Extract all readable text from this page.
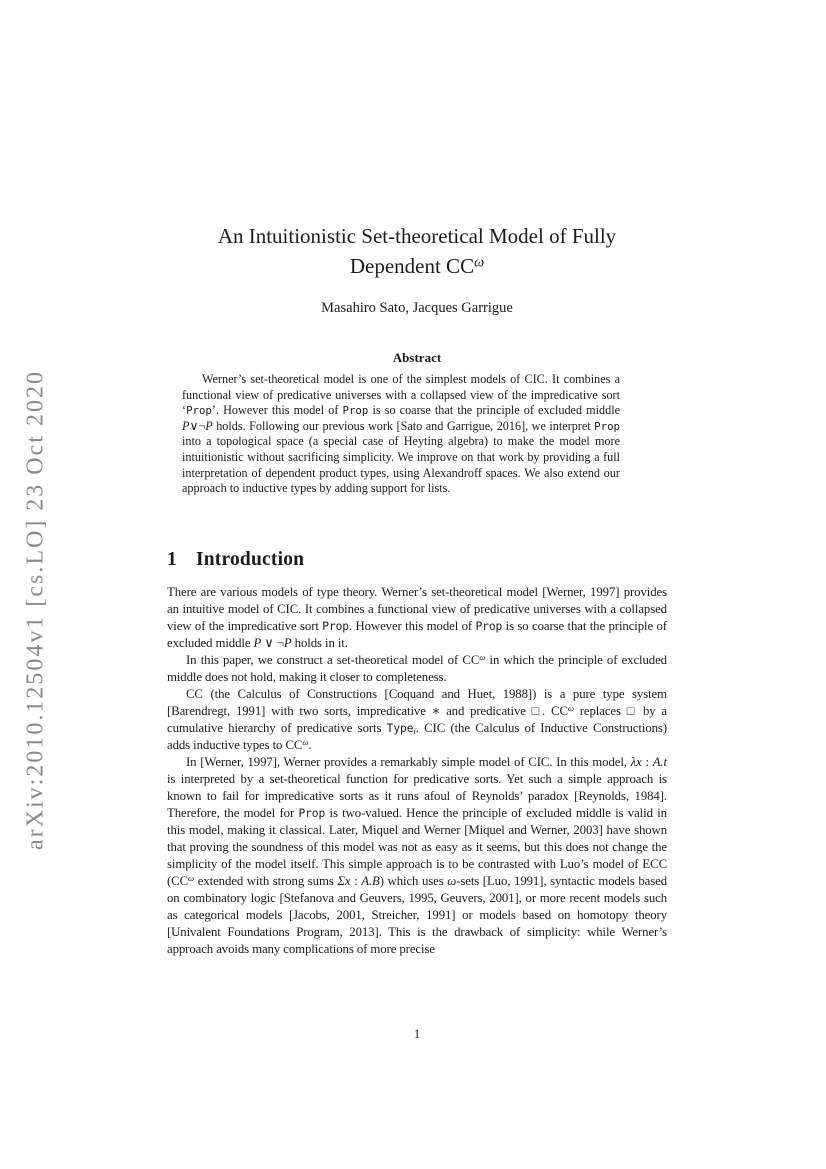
arXiv:2010.12504v1 [cs.LO] 23 Oct 2020
An Intuitionistic Set-theoretical Model of Fully
Dependent $CC^\omega$
Masahiro Sato, Jacques Garrigue
Abstract
Werner’s set-theoretical model is one of the simplest models of CIC. It combines a functional view of predicative universes with a collapsed view of the impredicative sort ‘Prop’. However this model of Prop is so coarse that the principle of excluded middle P∨¬P holds. Following our previous work [Sato and Garrigue, 2016], we interpret Prop into a topological space (a special case of Heyting algebra) to make the model more intuitionistic without sacrificing simplicity. We improve on that work by providing a full interpretation of dependent product types, using Alexandroff spaces. We also extend our approach to inductive types by adding support for lists.
1 Introduction

There are various models of type theory. Werner’s set-theoretical model [Werner, 1997] provides an intuitive model of CIC. It combines a functional view of predicative universes with a collapsed view of the impredicative sort Prop. However this model of Prop is so coarse that the principle of excluded middle P ∨ ¬P holds in it.

In this paper, we construct a set-theoretical model of $CC^\omega$ in which the principle of excluded middle does not hold, making it closer to completeness.

CC (the Calculus of Constructions [Coquand and Huet, 1988]) is a pure type system [Barendregt, 1991] with two sorts, impredicative ∗ and predicative □. $CC^\omega$ replaces □ by a cumulative hierarchy of predicative sorts Typei. CIC (the Calculus of Inductive Constructions) adds inductive types to $CC^\omega$.

In [Werner, 1997], Werner provides a remarkably simple model of CIC. In this model, λx : A.t is interpreted by a set-theoretical function for predicative sorts. Yet such a simple approach is known to fail for impredicative sorts as it runs afoul of Reynolds’ paradox [Reynolds, 1984]. Therefore, the model for Prop is two-valued. Hence the principle of excluded middle is valid in this model, making it classical. Later, Miquel and Werner [Miquel and Werner, 2003] have shown that proving the soundness of this model was not as easy as it seems, but this does not change the simplicity of the model itself. This simple approach is to be contrasted with Luo’s model of ECC ($CC^\omega$ extended with strong sums Σx : A.B) which uses ω-sets [Luo, 1991], syntactic models based on combinatory logic [Stefanova and Geuvers, 1995, Geuvers, 2001], or more recent models such as categorical models [Jacobs, 2001, Streicher, 1991] or models based on homotopy theory [Univalent Foundations Program, 2013]. This is the drawback of simplicity: while Werner’s approach avoids many complications of more precise

1
